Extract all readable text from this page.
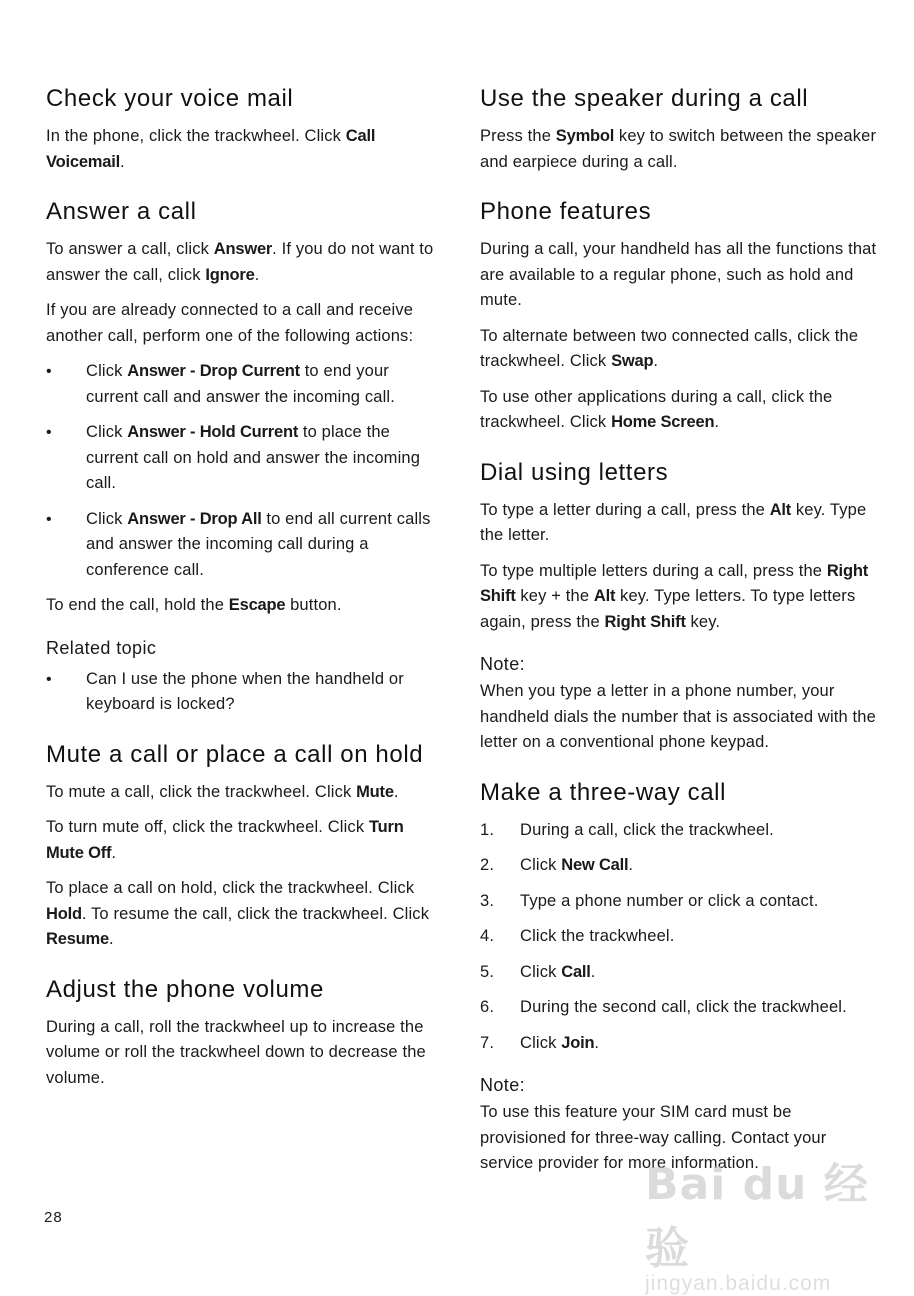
Check your voice mail

In the phone, click the trackwheel. Click Call Voicemail.

Answer a call

To answer a call, click Answer. If you do not want to answer the call, click Ignore.

If you are already connected to a call and receive another call, perform one of the following actions:

• Click Answer - Drop Current to end your current call and answer the incoming call.
• Click Answer - Hold Current to place the current call on hold and answer the incoming call.
• Click Answer - Drop All to end all current calls and answer the incoming call during a conference call.

To end the call, hold the Escape button.

Related topic
• Can I use the phone when the handheld or keyboard is locked?
Mute a call or place a call on hold

To mute a call, click the trackwheel. Click Mute.

To turn mute off, click the trackwheel. Click Turn Mute Off.

To place a call on hold, click the trackwheel. Click Hold. To resume the call, click the trackwheel. Click Resume.

Adjust the phone volume

During a call, roll the trackwheel up to increase the volume or roll the trackwheel down to decrease the volume.

Use the speaker during a call

Press the Symbol key to switch between the speaker and earpiece during a call.

Phone features

During a call, your handheld has all the functions that are available to a regular phone, such as hold and mute.

To alternate between two connected calls, click the trackwheel. Click Swap.

To use other applications during a call, click the trackwheel. Click Home Screen.

Dial using letters

To type a letter during a call, press the Alt key. Type the letter.

To type multiple letters during a call, press the Right Shift key + the Alt key. Type letters. To type letters again, press the Right Shift key.

Note:

When you type a letter in a phone number, your handheld dials the number that is associated with the letter on a conventional phone keypad.

Make a three-way call
1. During a call, click the trackwheel.
2. Click New Call.
3. Type a phone number or click a contact.
4. Click the trackwheel.
5. Click Call.
6. During the second call, click the trackwheel.
7. Click Join.
Note:

To use this feature your SIM card must be provisioned for three-way calling. Contact your service provider for more information.

28
Bai du 经验
jingyan.baidu.com
